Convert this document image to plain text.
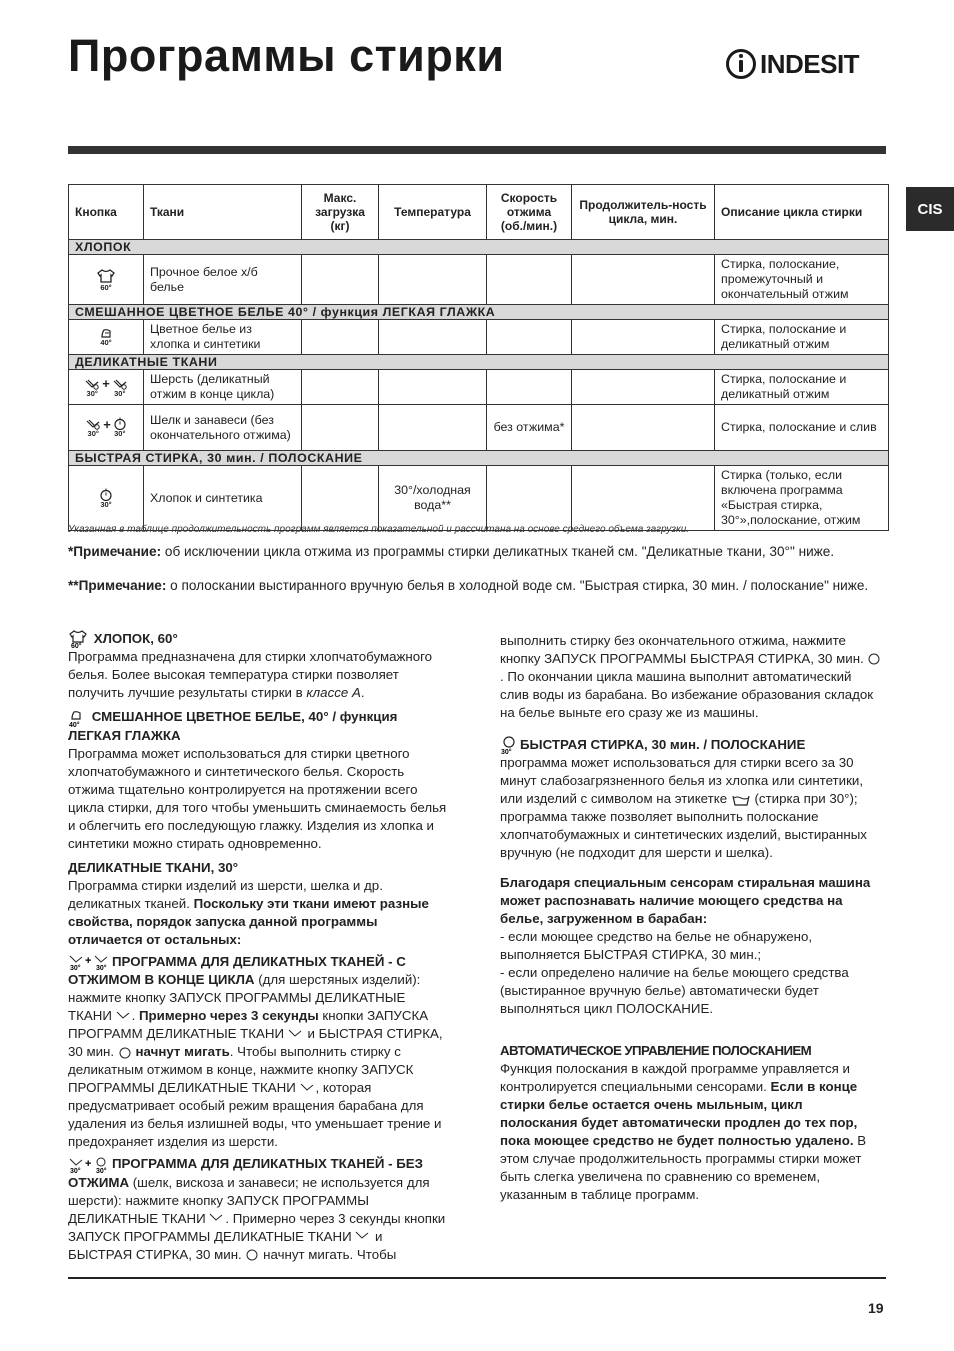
Программы стирки	INDESIT
CIS
Кнопка	Ткани	Макс. загрузка (кг)	Температура	Скорость отжима (об./мин.)	Продолжитель-ность цикла, мин.	Описание цикла стирки
ХЛОПОК						

60°	Прочное белое х/б белье					Стирка, полоскание, промежуточный и окончательный отжим
СМЕШАННОЕ ЦВЕТНОЕ БЕЛЬЕ 40° / функция ЛЕГКАЯ ГЛАЖКА						

40°	Цветное белье из хлопка и синтетики					Стирка, полоскание и деликатный отжим
ДЕЛИКАТНЫЕ ТКАНИ						

30°
+
30°	Шерсть (деликатный отжим в конце цикла)					Стирка, полоскание и деликатный отжим

30°
+
30°	Шелк и занавеси (без окончательного отжима)			без отжима*		Стирка, полоскание и слив
БЫСТРАЯ СТИРКА, 30 мин. / ПОЛОСКАНИЕ						

30°	Хлопок и синтетика		30°/холодная вода**			Стирка (только, если включена программа «Быстрая стирка, 30°»,полоскание, отжим
Указанная в таблице продолжительность программ является показательной и рассчитана на основе среднего объема загрузки.
*Примечание: об исключении цикла отжима из программы стирки деликатных тканей см. "Деликатные ткани, 30°" ниже.
**Примечание: о полоскании выстиранного вручную белья в холодной воде см. "Быстрая стирка, 30 мин. / полоскание" ниже.

60°
ХЛОПОК, 60°

Программа предназначена для стирки хлопчатобумажного белья. Более высокая температура стирки позволяет получить лучшие результаты стирки в классе А.

40°
СМЕШАННОЕ ЦВЕТНОЕ БЕЛЬЕ, 40° / функция ЛЕГКАЯ ГЛАЖКА

Программа может использоваться для стирки цветного хлопчатобумажного и синтетического белья. Скорость отжима тщательно контролируется на протяжении всего цикла стирки, для того чтобы уменьшить сминаемость белья и облегчить его последующую глажку. Изделия из хлопка и синтетики можно стирать одновременно.

ДЕЛИКАТНЫЕ ТКАНИ, 30°

Программа стирки изделий из шерсти, шелка и др. деликатных тканей. Поскольку эти ткани имеют разные свойства, порядок запуска данной программы отличается от остальных:

30°
+
30° ПРОГРАММА ДЛЯ ДЕЛИКАТНЫХ ТКАНЕЙ - С ОТЖИМОМ В КОНЦЕ ЦИКЛА (для шерстяных изделий): нажмите кнопку ЗАПУСК ПРОГРАММЫ ДЕЛИКАТНЫЕ ТКАНИ . Примерно через 3 секунды кнопки ЗАПУСКА ПРОГРАММ ДЕЛИКАТНЫЕ ТКАНИ  и БЫСТРАЯ СТИРКА, 30 мин.  начнут мигать. Чтобы выполнить стирку с деликатным отжимом в конце, нажмите кнопку ЗАПУСК ПРОГРАММЫ ДЕЛИКАТНЫЕ ТКАНИ , которая предусматривает особый режим вращения барабана для удаления из белья излишней воды, что уменьшает трение и предохраняет изделия из шерсти.

30°
+
30° ПРОГРАММА ДЛЯ ДЕЛИКАТНЫХ ТКАНЕЙ - БЕЗ ОТЖИМА (шелк, вискоза и занавеси; не используется для шерсти): нажмите кнопку ЗАПУСК ПРОГРАММЫ ДЕЛИКАТНЫЕ ТКАНИ . Примерно через 3 секунды кнопки ЗАПУСК ПРОГРАММЫ ДЕЛИКАТНЫЕ ТКАНИ  и БЫСТРАЯ СТИРКА, 30 мин.  начнут мигать. Чтобы

выполнить стирку без окончательного отжима, нажмите кнопку ЗАПУСК ПРОГРАММЫ БЫСТРАЯ СТИРКА, 30 мин. . По окончании цикла машина выполнит автоматический слив воды из барабана. Во избежание образования складок на белье выньте его сразу же из машины.

30°
БЫСТРАЯ СТИРКА, 30 мин. / ПОЛОСКАНИЕ

программа может использоваться для стирки всего за 30 минут слабозагрязненного белья из хлопка или синтетики, или изделий с символом на этикетке  (стирка при 30°); программа также позволяет выполнить полоскание хлопчатобумажных и синтетических изделий, выстиранных вручную (не подходит для шерсти и шелка).

Благодаря специальным сенсорам стиральная машина может распознавать наличие моющего средства на белье, загруженном в барабан:

- если моющее средство на белье не обнаружено, выполняется БЫСТРАЯ СТИРКА, 30 мин.;

- если определено наличие на белье моющего средства (выстиранное вручную белье) автоматически будет выполняться цикл ПОЛОСКАНИЕ.

АВТОМАТИЧЕСКОЕ УПРАВЛЕНИЕ ПОЛОСКАНИЕМ

Функция полоскания в каждой программе управляется и контролируется специальными сенсорами. Если в конце стирки белье остается очень мыльным, цикл полоскания будет автоматически продлен до тех пор, пока моющее средство не будет полностью удалено. В этом случае продолжительность программы стирки может быть слегка увеличена по сравнению со временем, указанным в таблице программ.

19
